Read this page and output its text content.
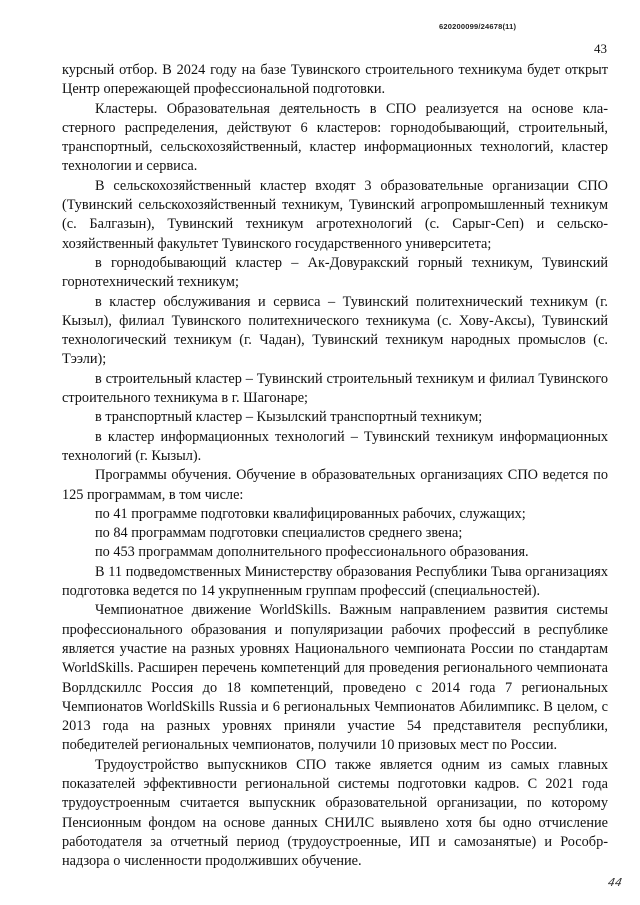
620200099/24678(11)
43

курсный отбор. В 2024 году на базе Тувинского строительного техникума будет открыт Центр опережающей профессиональной подготовки.

Кластеры. Образовательная деятельность в СПО реализуется на основе кластерного распределения, действуют 6 кластеров: горнодобывающий, строительный, транспортный, сельскохозяйственный, кластер информационных технологий, кластер технологии и сервиса.

В сельскохозяйственный кластер входят 3 образовательные организации СПО (Тувинский сельскохозяйственный техникум, Тувинский агропромышленный техникум (с. Балгазын), Тувинский техникум агротехнологий (с. Сарыг-Сеп) и сельскохозяйственный факультет Тувинского государственного университета;

в горнодобывающий кластер – Ак-Довуракский горный техникум, Тувинский горнотехнический техникум;

в кластер обслуживания и сервиса – Тувинский политехнический техникум (г. Кызыл), филиал Тувинского политехнического техникума (с. Хову-Аксы), Тувинский технологический техникум (г. Чадан), Тувинский техникум народных промыслов (с. Тээли);

в строительный кластер – Тувинский строительный техникум и филиал Тувинского строительного техникума в г. Шагонаре;

в транспортный кластер – Кызылский транспортный техникум;

в кластер информационных технологий – Тувинский техникум информационных технологий (г. Кызыл).

Программы обучения. Обучение в образовательных организациях СПО ведется по 125 программам, в том числе:

по 41 программе подготовки квалифицированных рабочих, служащих;

по 84 программам подготовки специалистов среднего звена;

по 453 программам дополнительного профессионального образования.

В 11 подведомственных Министерству образования Республики Тыва организациях подготовка ведется по 14 укрупненным группам профессий (специальностей).

Чемпионатное движение WorldSkills. Важным направлением развития системы профессионального образования и популяризации рабочих профессий в республике является участие на разных уровнях Национального чемпионата России по стандартам WorldSkills. Расширен перечень компетенций для проведения регионального чемпионата Ворлдскиллс Россия до 18 компетенций, проведено с 2014 года 7 региональных Чемпионатов WorldSkills Russia и 6 региональных Чемпионатов Абилимпикс. В целом, с 2013 года на разных уровнях приняли участие 54 представителя республики, победителей региональных чемпионатов, получили 10 призовых мест по России.

Трудоустройство выпускников СПО также является одним из самых главных показателей эффективности региональной системы подготовки кадров. С 2021 года трудоустроенным считается выпускник образовательной организации, по которому Пенсионным фондом на основе данных СНИЛС выявлено хотя бы одно отчисление работодателя за отчетный период (трудоустроенные, ИП и самозанятые) и Рособрнадзора о численности продолживших обучение.

44
